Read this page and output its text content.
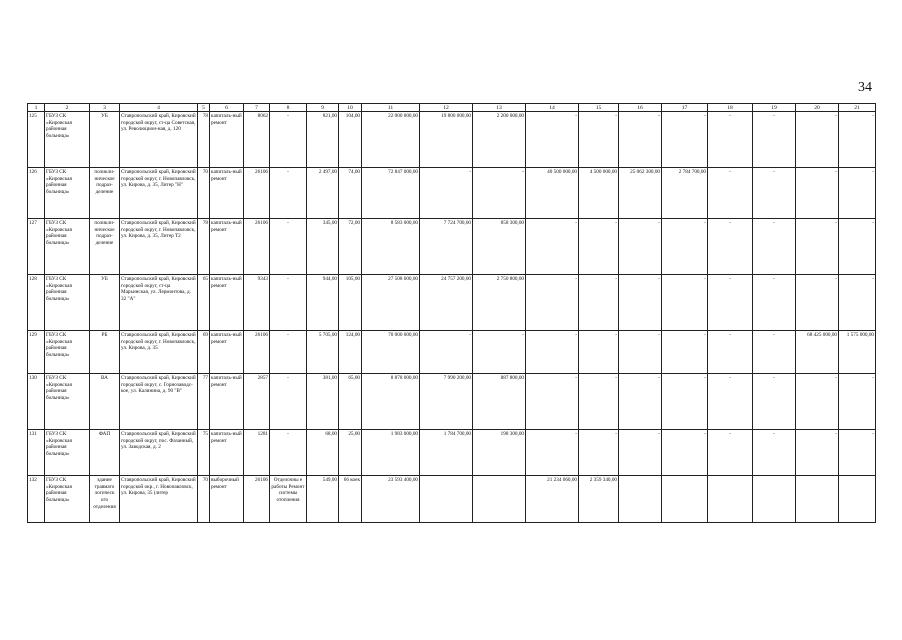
34
1	2	3	4	5	6	7	8	9	10	11	12	13	14	15	16	17	18	19	20	21
125	ГБУЗ СК «Кировская районная больница»	УБ	Ставропольский край, Кировский городской округ, ст-ца Советская, ул. Революцион-ная, д. 120	78	капиталь-ный ремонт	8062	-	821,00	104,00	22 000 000,00	19 800 000,00	2 200 000,00	-	-	-	-	-	-	-	-
126	ГБУЗ СК «Кировская районная больница»	поликли-ническое подраз-деление	Ставропольский край, Кировский городской округ, г. Новопавловск, ул. Кирова, д. 35, Литер "Н"	70	капиталь-ный ремонт	26106	-	2 497,00	74,00	72 847 000,00	-	-	40 500 000,00	4 500 000,00	25 062 300,00	2 784 700,00	-	-	-	-
127	ГБУЗ СК «Кировская районная больница»	поликли-ническое подраз-деление	Ставропольский край, Кировский городской округ, г. Новопавловск, ул. Кирова, д. 35, Литер Т2	78	капиталь-ный ремонт	26106	-	345,00	72,00	8 583 000,00	7 724 700,00	858 300,00	-	-	-	-	-	-	-	-
128	ГБУЗ СК «Кировская районная больница»	УБ	Ставропольский край, Кировский городской округ, ст-ца Марьинская, ул. Лермонтова, д. 32 "А"	65	капиталь-ный ремонт	9343	-	944,00	105,00	27 508 000,00	24 757 200,00	2 750 800,00	-	-	-	-	-	-	-	-
129	ГБУЗ СК «Кировская районная больница»	РБ	Ставропольский край, Кировский городской округ, г. Новопавловск, ул. Кирова, д. 35	69	капиталь-ный ремонт	26106	-	5 705,00	124,00	70 000 000,00	-	-	-	-	-	-	-	-	68 425 000,00	1 575 000,00
130	ГБУЗ СК «Кировская районная больница»	ВА	Ставропольский край, Кировский городской округ, с. Горнозаводс-кое, ул. Калинина, д. 90 "В"	77	капиталь-ный ремонт	2857	-	381,00	65,00	8 878 000,00	7 990 200,00	887 800,00	-	-	-	-	-	-	-	-
131	ГБУЗ СК «Кировская районная больница»	ФАП	Ставропольский край, Кировский городской округ, пос. Фазанный, ул. Заводская, д. 2	75	капиталь-ный ремонт	1281	-	68,00	25,00	1 983 000,00	1 784 700,00	198 300,00	-	-	-	-	-	-	-	-
132	ГБУЗ СК «Кировская районная больница»	здание травмато логическ ого отделения	Ставропольский край, Кировский городской окр., г. Новопавловск, ул. Кирова, 35 (литер	70	выборочный ремонт	26106	Отделочны е работы Ремонт системы отопления	549,00	66 коек	23 593 400,00			21 234 060,00	2 359 340,00						
